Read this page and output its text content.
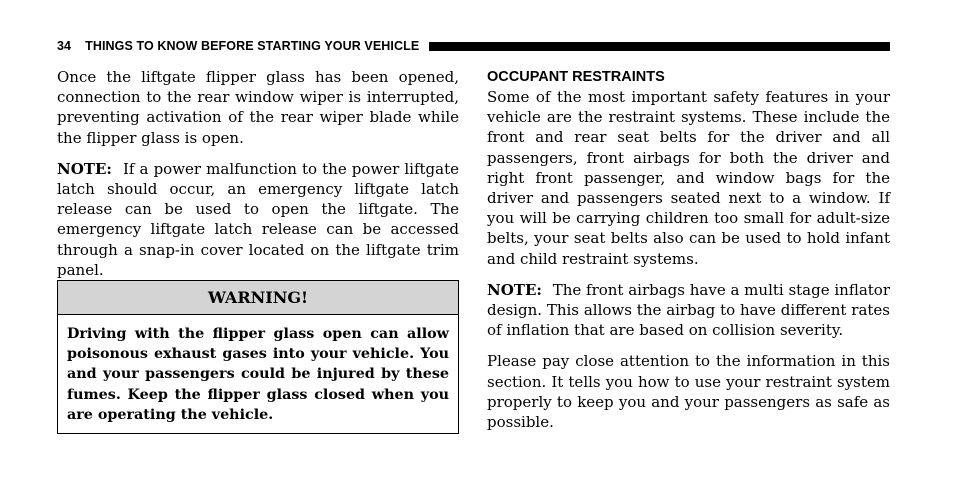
34 THINGS TO KNOW BEFORE STARTING YOUR VEHICLE

Once the liftgate flipper glass has been opened, connection to the rear window wiper is interrupted, preventing activation of the rear wiper blade while the flipper glass is open.

NOTE: If a power malfunction to the power liftgate latch should occur, an emergency liftgate latch release can be used to open the liftgate. The emergency liftgate latch release can be accessed through a snap-in cover located on the liftgate trim panel.

WARNING!
Driving with the flipper glass open can allow poisonous exhaust gases into your vehicle. You and your passengers could be injured by these fumes. Keep the flipper glass closed when you are operating the vehicle.

OCCUPANT RESTRAINTS

Some of the most important safety features in your vehicle are the restraint systems. These include the front and rear seat belts for the driver and all passengers, front airbags for both the driver and right front passenger, and window bags for the driver and passengers seated next to a window. If you will be carrying children too small for adult-size belts, your seat belts also can be used to hold infant and child restraint systems.

NOTE: The front airbags have a multi stage inflator design. This allows the airbag to have different rates of inflation that are based on collision severity.

Please pay close attention to the information in this section. It tells you how to use your restraint system properly to keep you and your passengers as safe as possible.
